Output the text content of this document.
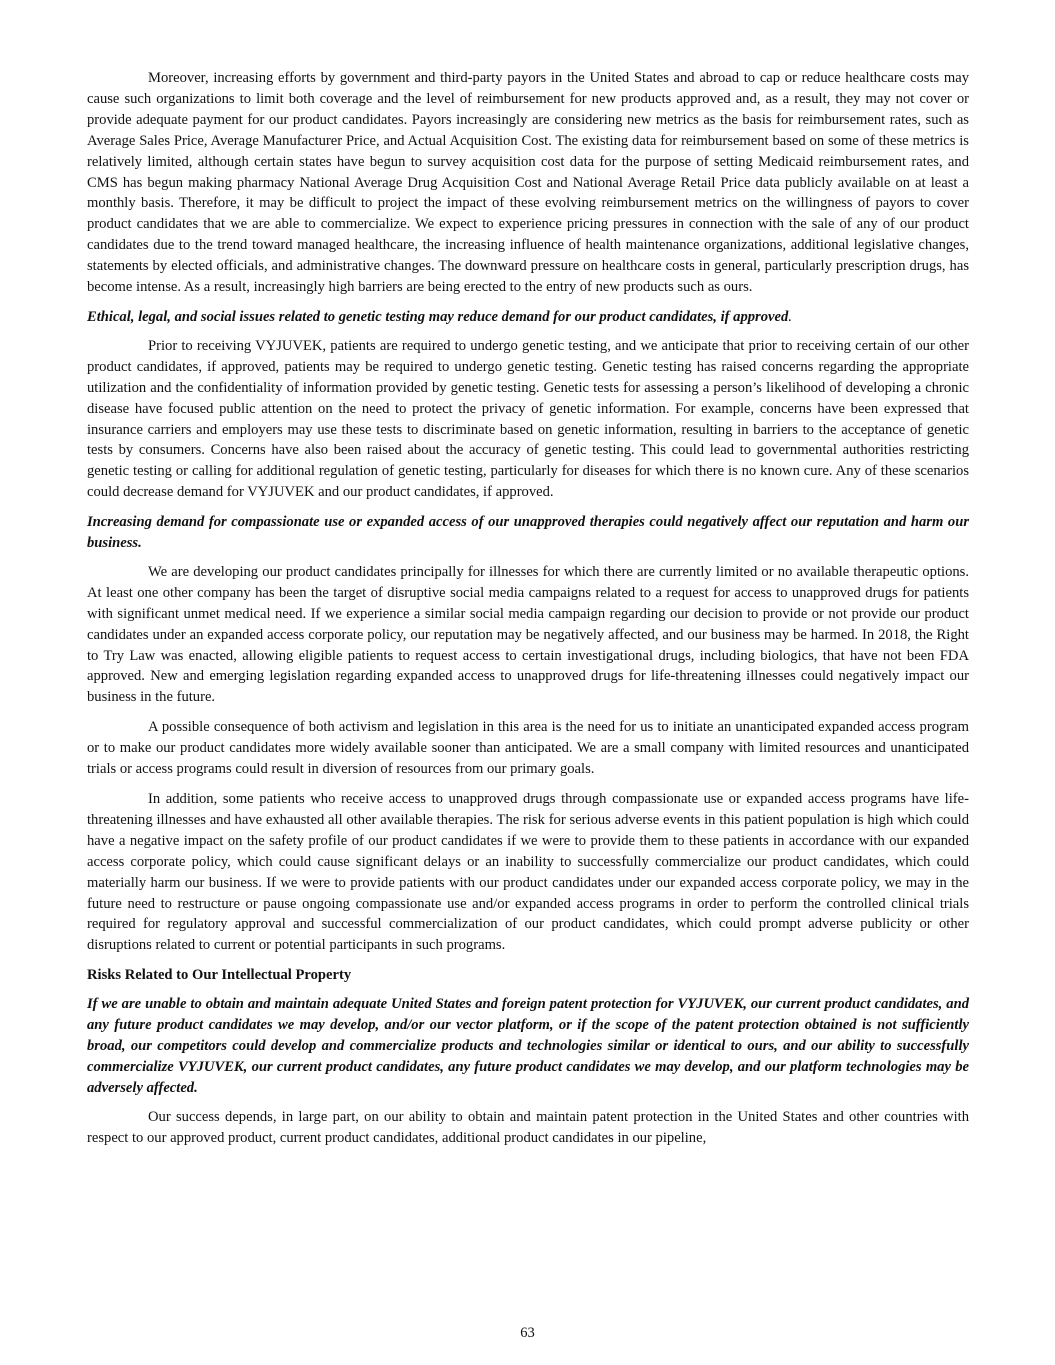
Moreover, increasing efforts by government and third-party payors in the United States and abroad to cap or reduce healthcare costs may cause such organizations to limit both coverage and the level of reimbursement for new products approved and, as a result, they may not cover or provide adequate payment for our product candidates. Payors increasingly are considering new metrics as the basis for reimbursement rates, such as Average Sales Price, Average Manufacturer Price, and Actual Acquisition Cost. The existing data for reimbursement based on some of these metrics is relatively limited, although certain states have begun to survey acquisition cost data for the purpose of setting Medicaid reimbursement rates, and CMS has begun making pharmacy National Average Drug Acquisition Cost and National Average Retail Price data publicly available on at least a monthly basis. Therefore, it may be difficult to project the impact of these evolving reimbursement metrics on the willingness of payors to cover product candidates that we are able to commercialize. We expect to experience pricing pressures in connection with the sale of any of our product candidates due to the trend toward managed healthcare, the increasing influence of health maintenance organizations, additional legislative changes, statements by elected officials, and administrative changes. The downward pressure on healthcare costs in general, particularly prescription drugs, has become intense. As a result, increasingly high barriers are being erected to the entry of new products such as ours.

Ethical, legal, and social issues related to genetic testing may reduce demand for our product candidates, if approved.

Prior to receiving VYJUVEK, patients are required to undergo genetic testing, and we anticipate that prior to receiving certain of our other product candidates, if approved, patients may be required to undergo genetic testing. Genetic testing has raised concerns regarding the appropriate utilization and the confidentiality of information provided by genetic testing. Genetic tests for assessing a person’s likelihood of developing a chronic disease have focused public attention on the need to protect the privacy of genetic information. For example, concerns have been expressed that insurance carriers and employers may use these tests to discriminate based on genetic information, resulting in barriers to the acceptance of genetic tests by consumers. Concerns have also been raised about the accuracy of genetic testing. This could lead to governmental authorities restricting genetic testing or calling for additional regulation of genetic testing, particularly for diseases for which there is no known cure. Any of these scenarios could decrease demand for VYJUVEK and our product candidates, if approved.

Increasing demand for compassionate use or expanded access of our unapproved therapies could negatively affect our reputation and harm our business.

We are developing our product candidates principally for illnesses for which there are currently limited or no available therapeutic options. At least one other company has been the target of disruptive social media campaigns related to a request for access to unapproved drugs for patients with significant unmet medical need. If we experience a similar social media campaign regarding our decision to provide or not provide our product candidates under an expanded access corporate policy, our reputation may be negatively affected, and our business may be harmed. In 2018, the Right to Try Law was enacted, allowing eligible patients to request access to certain investigational drugs, including biologics, that have not been FDA approved. New and emerging legislation regarding expanded access to unapproved drugs for life-threatening illnesses could negatively impact our business in the future.

A possible consequence of both activism and legislation in this area is the need for us to initiate an unanticipated expanded access program or to make our product candidates more widely available sooner than anticipated. We are a small company with limited resources and unanticipated trials or access programs could result in diversion of resources from our primary goals.

In addition, some patients who receive access to unapproved drugs through compassionate use or expanded access programs have life-threatening illnesses and have exhausted all other available therapies. The risk for serious adverse events in this patient population is high which could have a negative impact on the safety profile of our product candidates if we were to provide them to these patients in accordance with our expanded access corporate policy, which could cause significant delays or an inability to successfully commercialize our product candidates, which could materially harm our business. If we were to provide patients with our product candidates under our expanded access corporate policy, we may in the future need to restructure or pause ongoing compassionate use and/or expanded access programs in order to perform the controlled clinical trials required for regulatory approval and successful commercialization of our product candidates, which could prompt adverse publicity or other disruptions related to current or potential participants in such programs.

Risks Related to Our Intellectual Property

If we are unable to obtain and maintain adequate United States and foreign patent protection for VYJUVEK, our current product candidates, and any future product candidates we may develop, and/or our vector platform, or if the scope of the patent protection obtained is not sufficiently broad, our competitors could develop and commercialize products and technologies similar or identical to ours, and our ability to successfully commercialize VYJUVEK, our current product candidates, any future product candidates we may develop, and our platform technologies may be adversely affected.

Our success depends, in large part, on our ability to obtain and maintain patent protection in the United States and other countries with respect to our approved product, current product candidates, additional product candidates in our pipeline,

63
